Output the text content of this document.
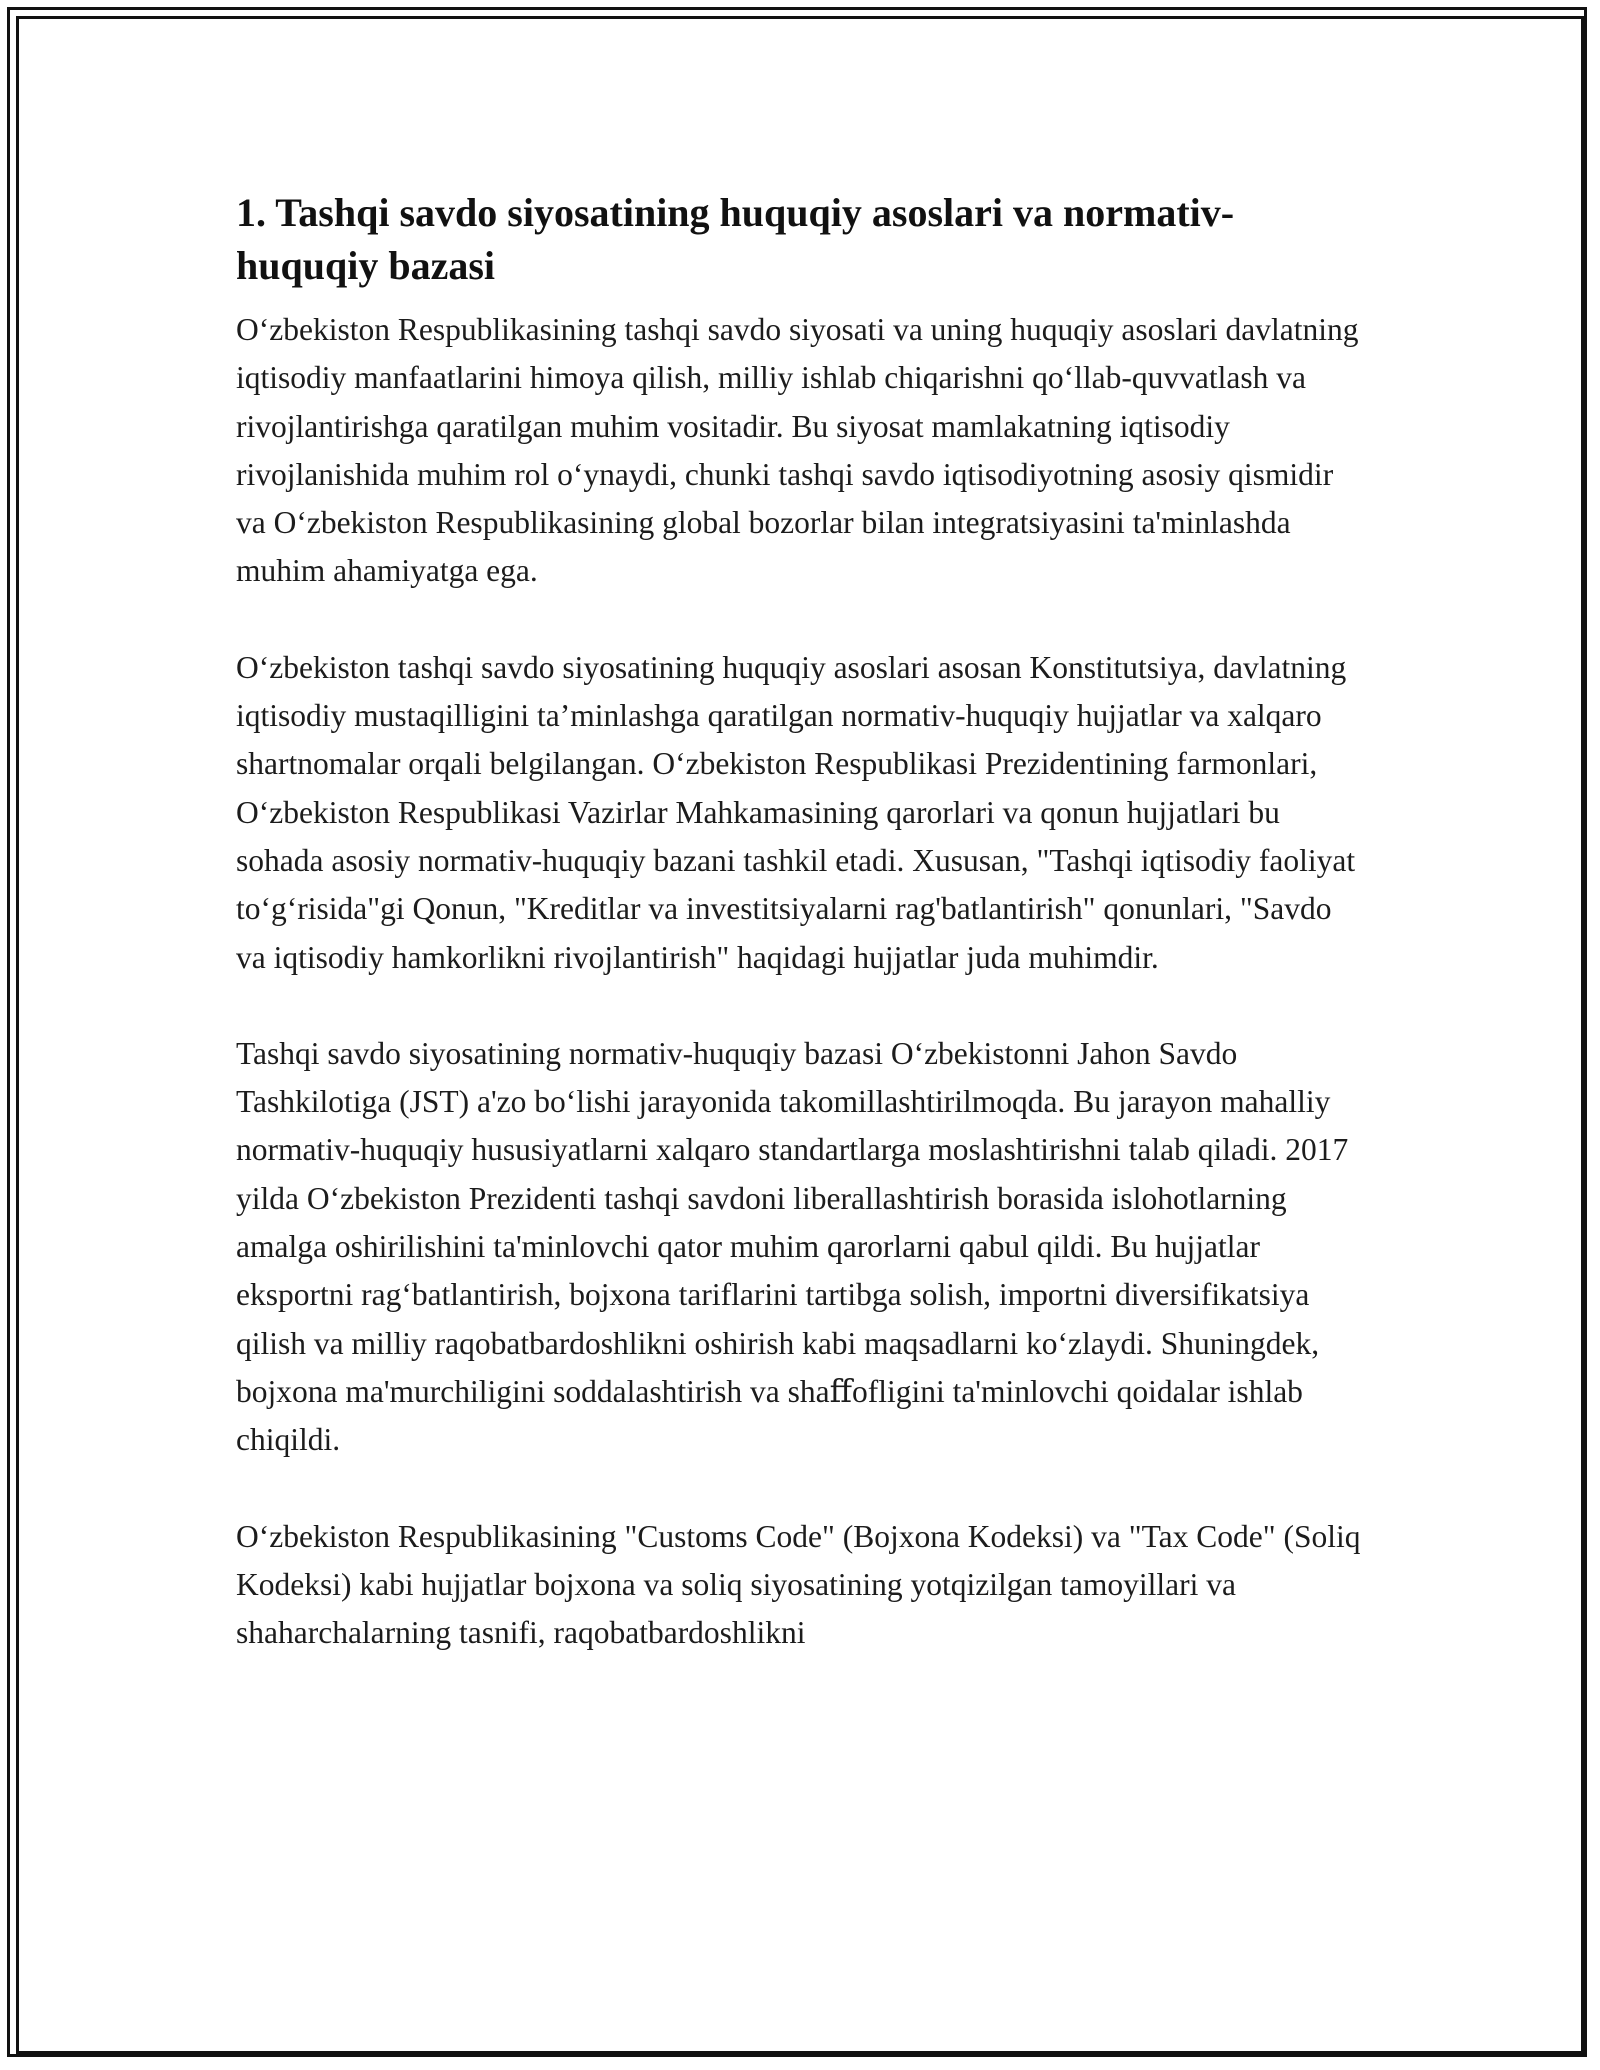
1. Tashqi savdo siyosatining huquqiy asoslari va normativ-huquqiy bazasi

O‘zbekiston Respublikasining tashqi savdo siyosati va uning huquqiy asoslari davlatning iqtisodiy manfaatlarini himoya qilish, milliy ishlab chiqarishni qo‘llab-quvvatlash va rivojlantirishga qaratilgan muhim vositadir. Bu siyosat mamlakatning iqtisodiy rivojlanishida muhim rol o‘ynaydi, chunki tashqi savdo iqtisodiyotning asosiy qismidir va O‘zbekiston Respublikasining global bozorlar bilan integratsiyasini ta'minlashda muhim ahamiyatga ega.

O‘zbekiston tashqi savdo siyosatining huquqiy asoslari asosan Konstitutsiya, davlatning iqtisodiy mustaqilligini ta’minlashga qaratilgan normativ-huquqiy hujjatlar va xalqaro shartnomalar orqali belgilangan. O‘zbekiston Respublikasi Prezidentining farmonlari, O‘zbekiston Respublikasi Vazirlar Mahkamasining qarorlari va qonun hujjatlari bu sohada asosiy normativ-huquqiy bazani tashkil etadi. Xususan, "Tashqi iqtisodiy faoliyat to‘g‘risida"gi Qonun, "Kreditlar va investitsiyalarni rag'batlantirish" qonunlari, "Savdo va iqtisodiy hamkorlikni rivojlantirish" haqidagi hujjatlar juda muhimdir.

Tashqi savdo siyosatining normativ-huquqiy bazasi O‘zbekistonni Jahon Savdo Tashkilotiga (JST) a'zo bo‘lishi jarayonida takomillashtirilmoqda. Bu jarayon mahalliy normativ-huquqiy hususiyatlarni xalqaro standartlarga moslashtirishni talab qiladi. 2017 yilda O‘zbekiston Prezidenti tashqi savdoni liberallashtirish borasida islohotlarning amalga oshirilishini ta'minlovchi qator muhim qarorlarni qabul qildi. Bu hujjatlar eksportni rag‘batlantirish, bojxona tariflarini tartibga solish, importni diversifikatsiya qilish va milliy raqobatbardoshlikni oshirish kabi maqsadlarni ko‘zlaydi. Shuningdek, bojxona ma'murchiligini soddalashtirish va shaﬀofligini ta'minlovchi qoidalar ishlab chiqildi.

O‘zbekiston Respublikasining "Customs Code" (Bojxona Kodeksi) va "Tax Code" (Soliq Kodeksi) kabi hujjatlar bojxona va soliq siyosatining yotqizilgan tamoyillari va shaharchalarning tasnifi, raqobatbardoshlikni
